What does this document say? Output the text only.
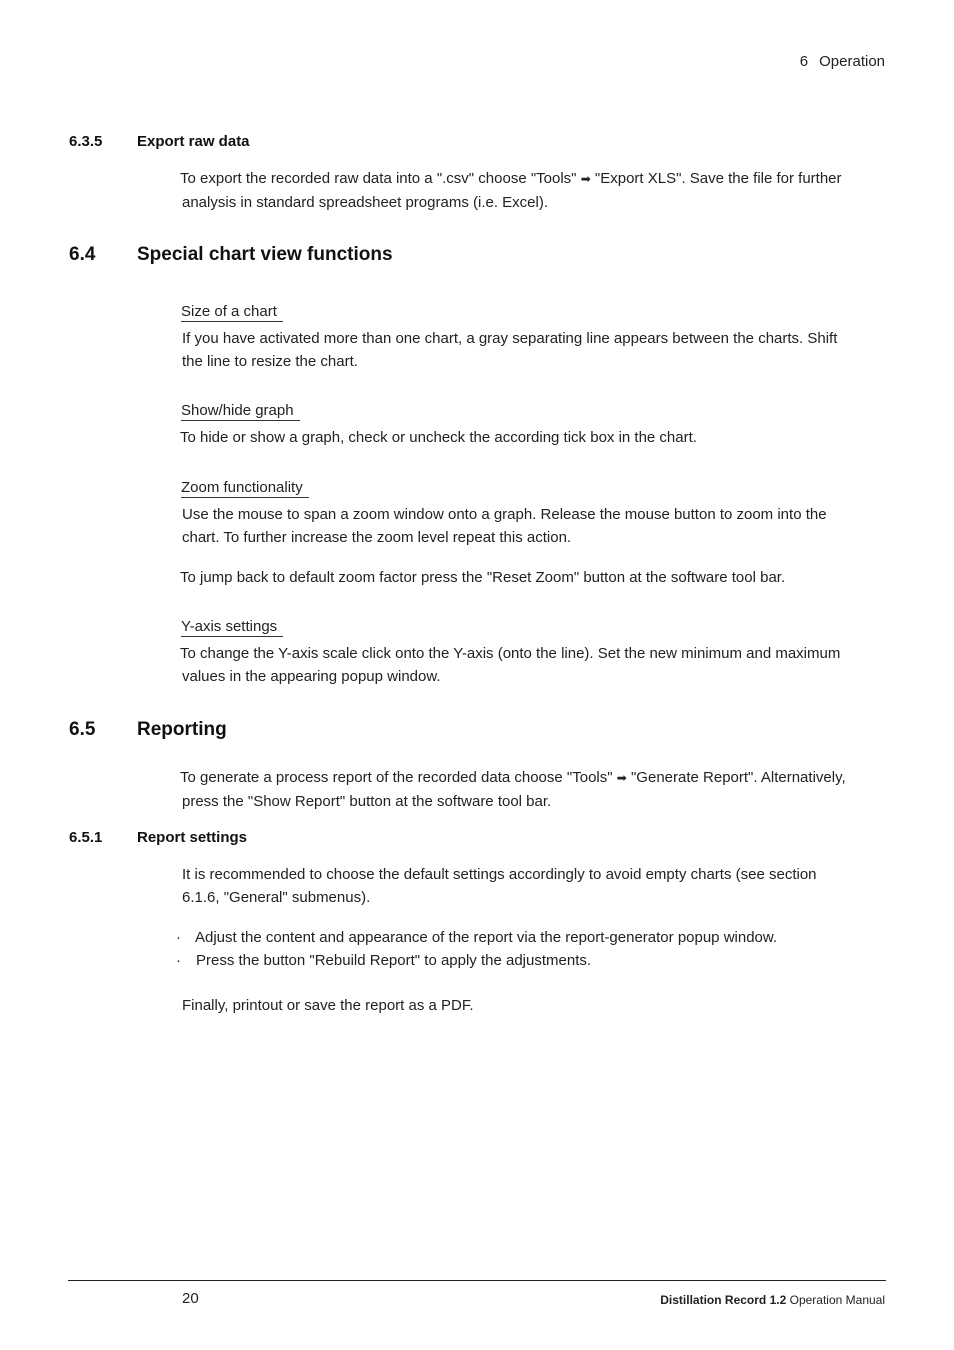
6 Operation
6.3.5 Export raw data
To export the recorded raw data into a ".csv" choose "Tools" ➡ "Export XLS". Save the file for further
analysis in standard spreadsheet programs (i.e. Excel).
6.4 Special chart view functions
Size of a chart
If you have activated more than one chart, a gray separating line appears between the charts. Shift
the line to resize the chart.
Show/hide graph
To hide or show a graph, check or uncheck the according tick box in the chart.
Zoom functionality
Use the mouse to span a zoom window onto a graph. Release the mouse button to zoom into the
chart. To further increase the zoom level repeat this action.
To jump back to default zoom factor press the "Reset Zoom" button at the software tool bar.
Y-axis settings
To change the Y-axis scale click onto the Y-axis (onto the line). Set the new minimum and maximum
values in the appearing popup window.
6.5 Reporting
To generate a process report of the recorded data choose "Tools" ➡ "Generate Report". Alternatively,
press the "Show Report" button at the software tool bar.
6.5.1 Report settings
It is recommended to choose the default settings accordingly to avoid empty charts (see section
6.1.6, "General" submenus).
· Adjust the content and appearance of the report via the report-generator popup window.
· Press the button "Rebuild Report" to apply the adjustments.
Finally, printout or save the report as a PDF.
20	Distillation Record 1.2 Operation Manual
